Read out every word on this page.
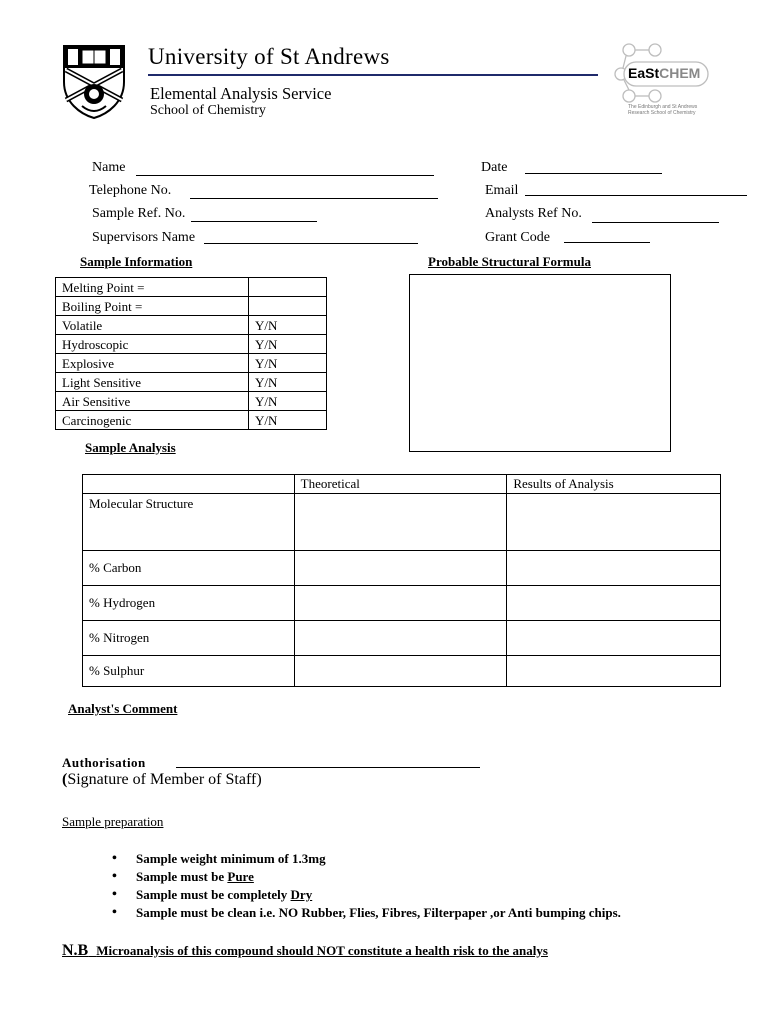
University of St Andrews
Elemental Analysis Service
School of Chemistry
EaStCHEM
The Edinburgh and St Andrews
Research School of Chemistry
Name
Telephone No.
Sample Ref. No.
Supervisors Name
Date
Email
Analysts Ref No.
Grant Code
Sample Information
Melting Point =	
Boiling Point =	
Volatile	Y/N
Hydroscopic	Y/N
Explosive	Y/N
Light Sensitive	Y/N
Air Sensitive	Y/N
Carcinogenic	Y/N
Probable Structural Formula
Sample Analysis
	Theoretical	Results of Analysis
Molecular Structure		
% Carbon		
% Hydrogen		
% Nitrogen		
% Sulphur		
Analyst's Comment
Authorisation
(Signature of Member of Staff)
Sample preparation
• Sample weight minimum of 1.3mg
• Sample must be Pure
• Sample must be completely Dry
• Sample must be clean i.e. NO Rubber, Flies, Fibres, Filterpaper ,or Anti bumping chips.
N.B Microanalysis of this compound should NOT constitute a health risk to the analys
